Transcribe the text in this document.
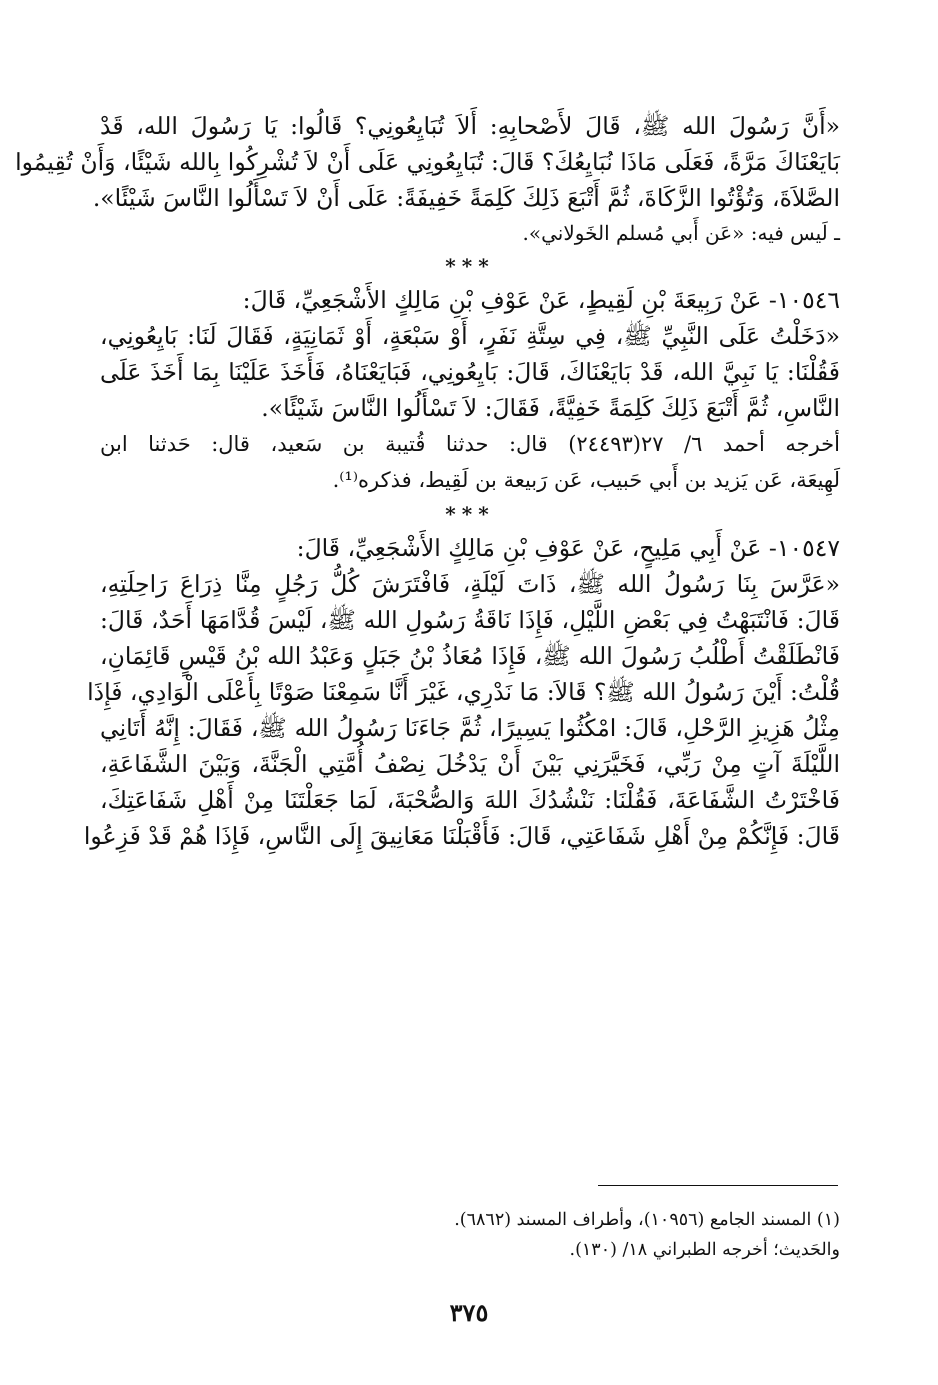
«أَنَّ رَسُولَ الله ﷺ، قَالَ لأَصْحابِهِ: أَلاَ تُبَايِعُونِي؟ قَالُوا: يَا رَسُولَ الله، قَدْ
بَايَعْنَاكَ مَرَّةً، فَعَلَى مَاذَا نُبَايِعُكَ؟ قَالَ: تُبَايِعُونِي عَلَى أَنْ لاَ تُشْرِكُوا بِالله شَيْئًا، وَأَنْ تُقِيمُوا
الصَّلاَةَ، وَتُؤْتُوا الزَّكَاةَ، ثُمَّ أَتْبَعَ ذَلِكَ كَلِمَةً خَفِيفَةً: عَلَى أَنْ لاَ تَسْأَلُوا النَّاسَ شَيْئًا».
ـ لَيس فيه: «عَن أَبي مُسلم الخَولاني».
***
١٠٥٤٦- عَنْ رَبِيعَةَ بْنِ لَقِيطٍ، عَنْ عَوْفِ بْنِ مَالِكٍ الأَشْجَعِيِّ، قَالَ:
«دَخَلْتُ عَلَى النَّبِيِّ ﷺ، فِي سِتَّةِ نَفَرٍ، أَوْ سَبْعَةٍ، أَوْ ثَمَانِيَةٍ، فَقَالَ لَنَا: بَايِعُونِي،
فَقُلْنَا: يَا نَبِيَّ الله، قَدْ بَايَعْنَاكَ، قَالَ: بَايِعُونِي، فَبَايَعْنَاهُ، فَأَخَذَ عَلَيْنَا بِمَا أَخَذَ عَلَى
النَّاسِ، ثُمَّ أَتْبَعَ ذَلِكَ كَلِمَةً خَفِيَّةً، فَقَالَ: لاَ تَسْأَلُوا النَّاسَ شَيْئًا».
أخرجه أحمد ٦/ ٢٧(٢٤٤٩٣) قال: حدثنا قُتيبة بن سَعيد، قال: حَدثنا ابن
لَهِيعَة، عَن يَزيد بن أَبي حَبيب، عَن رَبيعة بن لَقِيط، فذكره⁽¹⁾.
***
١٠٥٤٧- عَنْ أَبِي مَلِيحٍ، عَنْ عَوْفِ بْنِ مَالِكٍ الأَشْجَعِيِّ، قَالَ:
«عَرَّسَ بِنَا رَسُولُ الله ﷺ، ذَاتَ لَيْلَةٍ، فَافْتَرَشَ كُلُّ رَجُلٍ مِنَّا ذِرَاعَ رَاحِلَتِهِ،
قَالَ: فَانْتَبَهْتُ فِي بَعْضِ اللَّيْلِ، فَإِذَا نَاقَةُ رَسُولِ الله ﷺ، لَيْسَ قُدَّامَهَا أَحَدٌ، قَالَ:
فَانْطَلَقْتُ أَطْلُبُ رَسُولَ الله ﷺ، فَإِذَا مُعَاذُ بْنُ جَبَلٍ وَعَبْدُ الله بْنُ قَيْسٍ قَائِمَانِ،
قُلْتُ: أَيْنَ رَسُولُ الله ﷺ؟ قَالاَ: مَا نَدْرِي، غَيْرَ أَنَّا سَمِعْنَا صَوْتًا بِأَعْلَى الْوَادِي، فَإِذَا
مِثْلُ هَزِيزِ الرَّحْلِ، قَالَ: امْكُثُوا يَسِيرًا، ثُمَّ جَاءَنَا رَسُولُ الله ﷺ، فَقَالَ: إِنَّهُ أَتَانِي
اللَّيْلَةَ آتٍ مِنْ رَبِّي، فَخَيَّرَنِي بَيْنَ أَنْ يَدْخُلَ نِصْفُ أُمَّتِي الْجَنَّةَ، وَبَيْنَ الشَّفَاعَةِ،
فَاخْتَرْتُ الشَّفَاعَةَ، فَقُلْنَا: نَنْشُدُكَ اللهَ وَالصُّحْبَةَ، لَمَا جَعَلْتَنَا مِنْ أَهْلِ شَفَاعَتِكَ،
قَالَ: فَإِنَّكُمْ مِنْ أَهْلِ شَفَاعَتِي، قَالَ: فَأَقْبَلْنَا مَعَانِيقَ إِلَى النَّاسِ، فَإِذَا هُمْ قَدْ فَزِعُوا
(١) المسند الجامع (١٠٩٥٦)، وأطراف المسند (٦٨٦٢).
والحَديث؛ أخرجه الطبراني ١٨/ (١٣٠).
٣٧٥
